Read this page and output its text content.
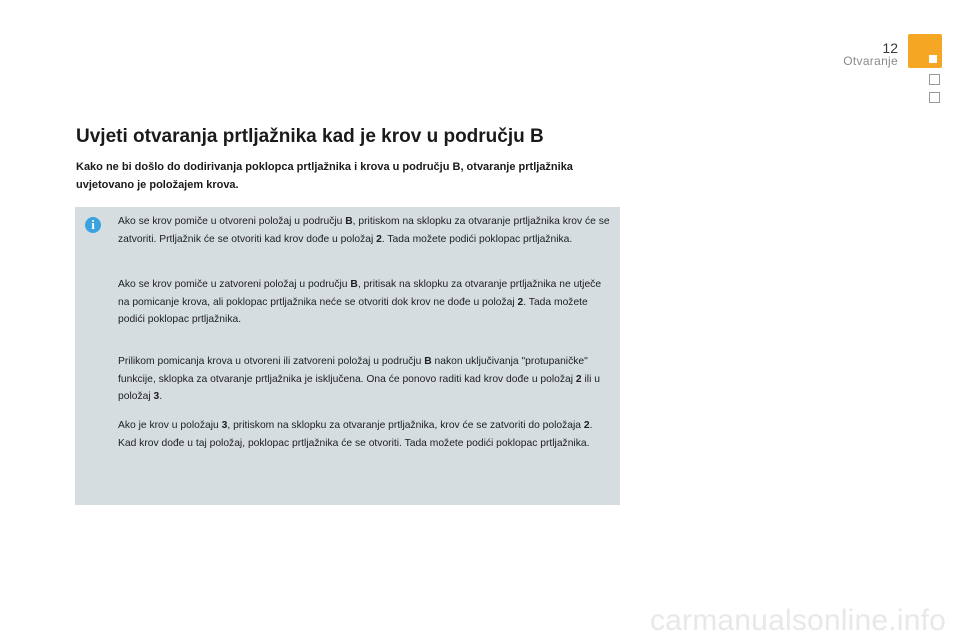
12
Otvaranje
Uvjeti otvaranja prtljažnika kad je krov u području B

Kako ne bi došlo do dodirivanja poklopca prtljažnika i krova u području B, otvaranje prtljažnika uvjetovano je položajem krova.

i	Ako se krov pomiče u otvoreni položaj u području B, pritiskom na sklopku za otvaranje prtljažnika krov će se zatvoriti. Prtljažnik će se otvoriti kad krov dođe u položaj 2. Tada možete podići poklopac prtljažnika.

Ako se krov pomiče u zatvoreni položaj u području B, pritisak na sklopku za otvaranje prtljažnika ne utječe na pomicanje krova, ali poklopac prtljažnika neće se otvoriti dok krov ne dođe u položaj 2. Tada možete podići poklopac prtljažnika.

Prilikom pomicanja krova u otvoreni ili zatvoreni položaj u području B nakon uključivanja "protupaničke" funkcije, sklopka za otvaranje prtljažnika je isključena. Ona će ponovo raditi kad krov dođe u položaj 2 ili u položaj 3.

Ako je krov u položaju 3, pritiskom na sklopku za otvaranje prtljažnika, krov će se zatvoriti do položaja 2. Kad krov dođe u taj položaj, poklopac prtljažnika će se otvoriti. Tada možete podići poklopac prtljažnika.

carmanualsonline.info
